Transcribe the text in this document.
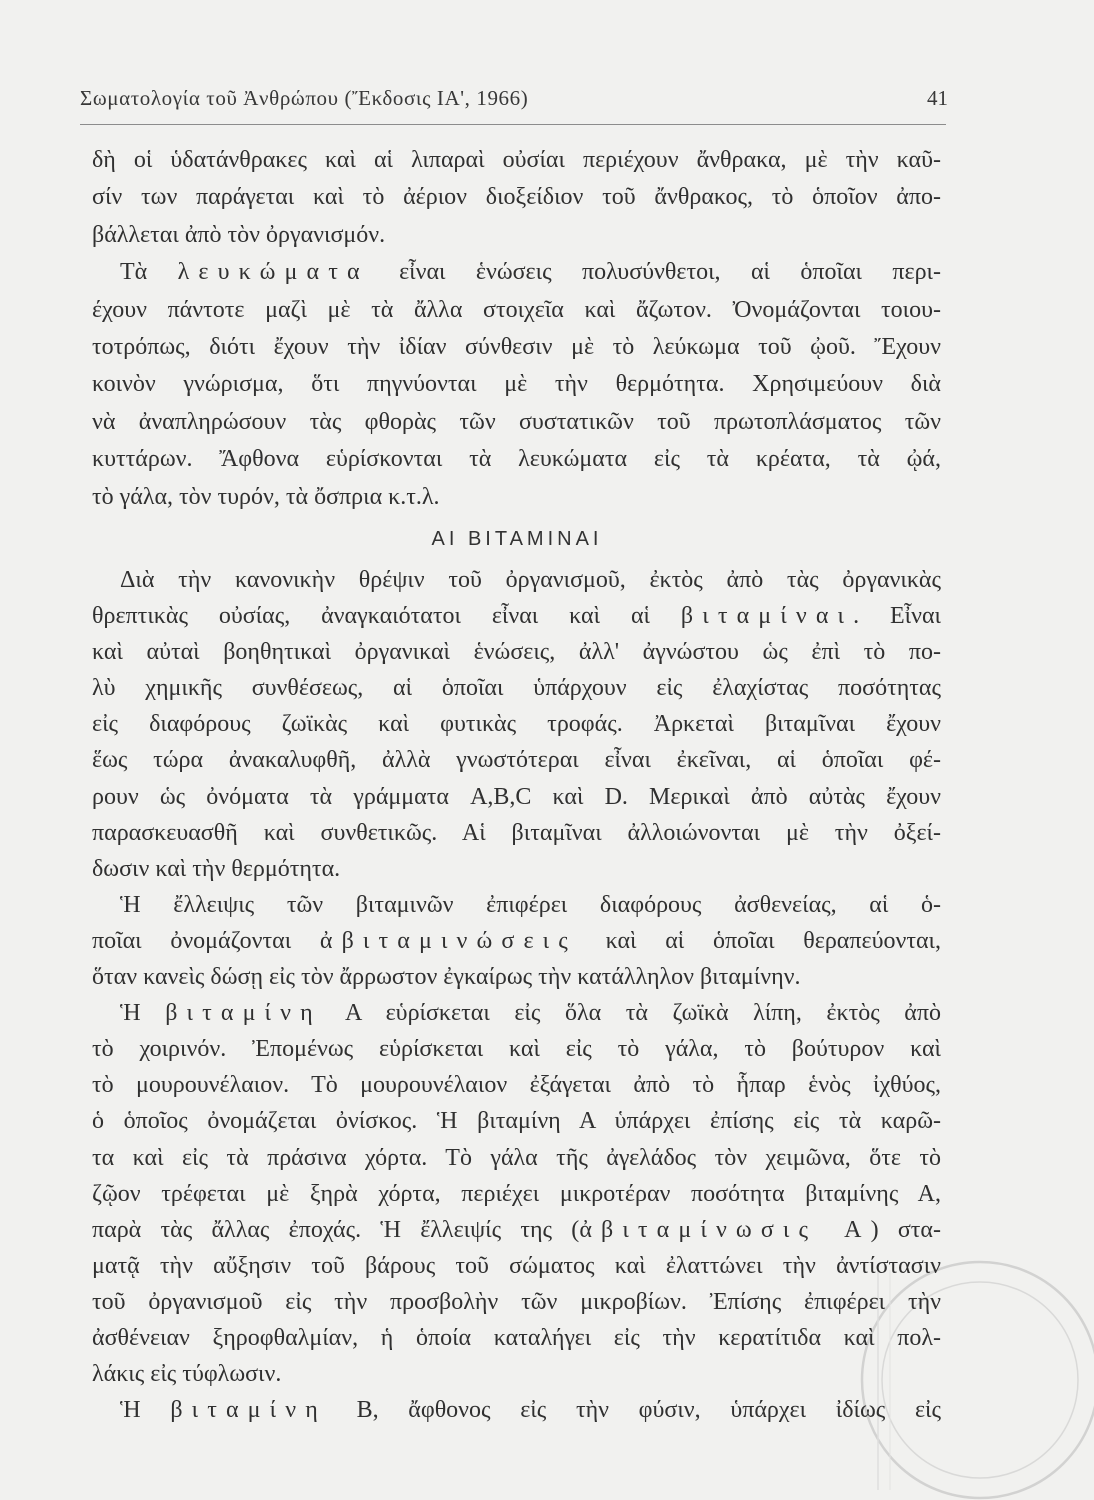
Σωματολογία τοῦ Ἀνθρώπου (Ἔκδοσις ΙΑ', 1966)	41
δὴ οἱ ὑδατάνθρακες καὶ αἱ λιπαραὶ οὐσίαι περιέχουν ἄνθρακα, μὲ τὴν καῦ-
σίν των παράγεται καὶ τὸ ἀέριον διοξείδιον τοῦ ἄνθρακος, τὸ ὁποῖον ἀπο-
βάλλεται ἀπὸ τὸν ὀργανισμόν.
Τὰ λευκώματα εἶναι ἑνώσεις πολυσύνθετοι, αἱ ὁποῖαι περι-
έχουν πάντοτε μαζὶ μὲ τὰ ἄλλα στοιχεῖα καὶ ἄζωτον. Ὀνομάζονται τοιου-
τοτρόπως, διότι ἔχουν τὴν ἰδίαν σύνθεσιν μὲ τὸ λεύκωμα τοῦ ᾠοῦ. Ἔχουν
κοινὸν γνώρισμα, ὅτι πηγνύονται μὲ τὴν θερμότητα. Χρησιμεύουν διὰ
νὰ ἀναπληρώσουν τὰς φθορὰς τῶν συστατικῶν τοῦ πρωτοπλάσματος τῶν
κυττάρων. Ἄφθονα εὑρίσκονται τὰ λευκώματα εἰς τὰ κρέατα, τὰ ᾠά,
τὸ γάλα, τὸν τυρόν, τὰ ὄσπρια κ.τ.λ.
ΑΙ ΒΙΤΑΜΙΝΑΙ
Διὰ τὴν κανονικὴν θρέψιν τοῦ ὀργανισμοῦ, ἐκτὸς ἀπὸ τὰς ὀργανικὰς
θρεπτικὰς οὐσίας, ἀναγκαιότατοι εἶναι καὶ αἱ βιταμίναι. Εἶναι
καὶ αὐταὶ βοηθητικαὶ ὀργανικαὶ ἑνώσεις, ἀλλ' ἀγνώστου ὡς ἐπὶ τὸ πο-
λὺ χημικῆς συνθέσεως, αἱ ὁποῖαι ὑπάρχουν εἰς ἐλαχίστας ποσότητας
εἰς διαφόρους ζωϊκὰς καὶ φυτικὰς τροφάς. Ἀρκεταὶ βιταμῖναι ἔχουν
ἕως τώρα ἀνακαλυφθῆ, ἀλλὰ γνωστότεραι εἶναι ἐκεῖναι, αἱ ὁποῖαι φέ-
ρουν ὡς ὀνόματα τὰ γράμματα A,B,C καὶ D. Μερικαὶ ἀπὸ αὐτὰς ἔχουν
παρασκευασθῆ καὶ συνθετικῶς. Αἱ βιταμῖναι ἀλλοιώνονται μὲ τὴν ὀξεί-
δωσιν καὶ τὴν θερμότητα.
Ἡ ἔλλειψις τῶν βιταμινῶν ἐπιφέρει διαφόρους ἀσθενείας, αἱ ὁ-
ποῖαι ὀνομάζονται ἀβιταμινώσεις καὶ αἱ ὁποῖαι θεραπεύονται,
ὅταν κανεὶς δώσῃ εἰς τὸν ἄρρωστον ἐγκαίρως τὴν κατάλληλον βιταμίνην.
Ἡ βιταμίνη Α εὑρίσκεται εἰς ὅλα τὰ ζωϊκὰ λίπη, ἐκτὸς ἀπὸ
τὸ χοιρινόν. Ἐπομένως εὑρίσκεται καὶ εἰς τὸ γάλα, τὸ βούτυρον καὶ
τὸ μουρουνέλαιον. Τὸ μουρουνέλαιον ἐξάγεται ἀπὸ τὸ ἧπαρ ἑνὸς ἰχθύος,
ὁ ὁποῖος ὀνομάζεται ὀνίσκος. Ἡ βιταμίνη Α ὑπάρχει ἐπίσης εἰς τὰ καρῶ-
τα καὶ εἰς τὰ πράσινα χόρτα. Τὸ γάλα τῆς ἀγελάδος τὸν χειμῶνα, ὅτε τὸ
ζῷον τρέφεται μὲ ξηρὰ χόρτα, περιέχει μικροτέραν ποσότητα βιταμίνης Α,
παρὰ τὰς ἄλλας ἐποχάς. Ἡ ἔλλειψίς της (ἀβιταμίνωσις Α) στα-
ματᾷ τὴν αὔξησιν τοῦ βάρους τοῦ σώματος καὶ ἐλαττώνει τὴν ἀντίστασιν
τοῦ ὀργανισμοῦ εἰς τὴν προσβολὴν τῶν μικροβίων. Ἐπίσης ἐπιφέρει τὴν
ἀσθένειαν ξηροφθαλμίαν, ἡ ὁποία καταλήγει εἰς τὴν κερατίτιδα καὶ πολ-
λάκις εἰς τύφλωσιν.
Ἡ βιταμίνη Β, ἄφθονος εἰς τὴν φύσιν, ὑπάρχει ἰδίως εἰς
